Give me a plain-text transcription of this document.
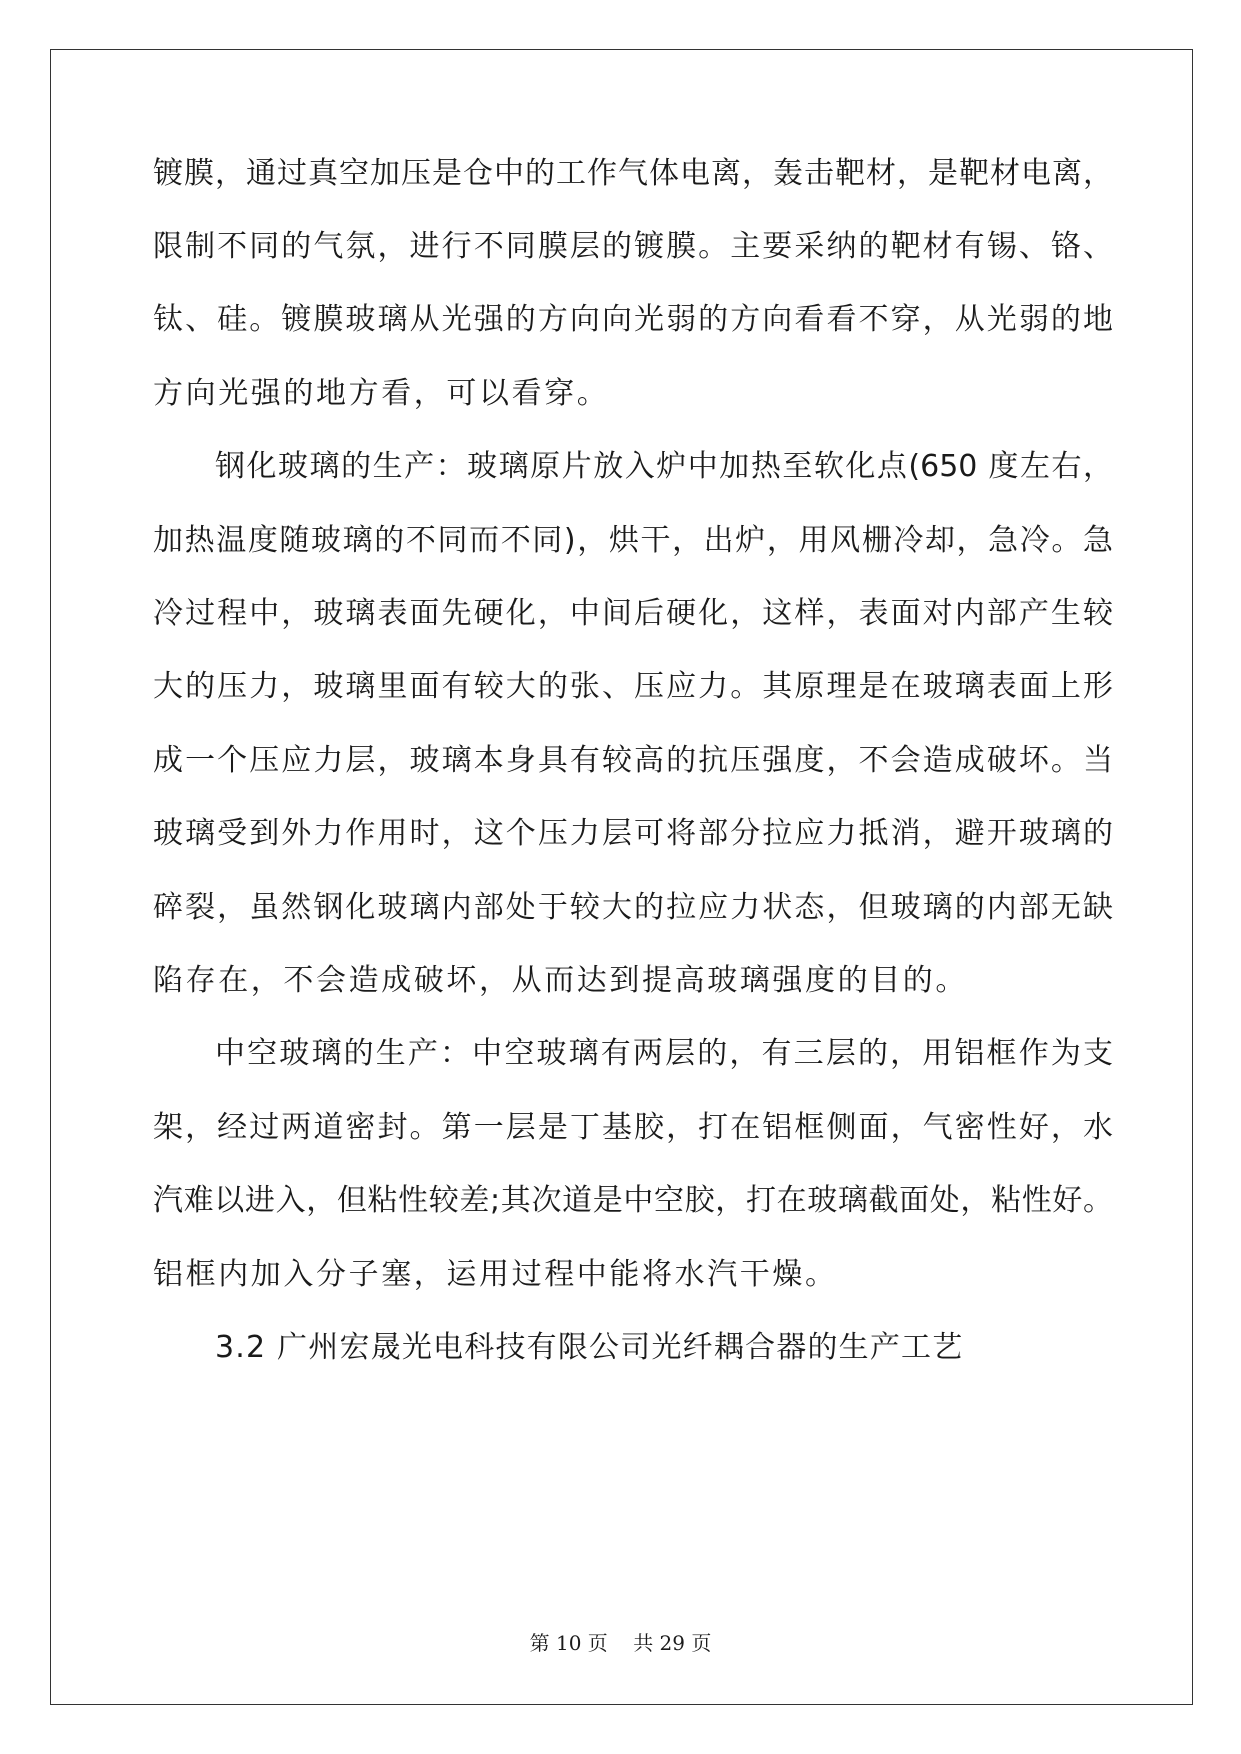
镀膜，通过真空加压是仓中的工作气体电离，轰击靶材，是靶材电离，
限制不同的气氛，进行不同膜层的镀膜。主要采纳的靶材有锡、铬、
钛、硅。镀膜玻璃从光强的方向向光弱的方向看看不穿，从光弱的地
方向光强的地方看，可以看穿。
钢化玻璃的生产：玻璃原片放入炉中加热至软化点(650 度左右，
加热温度随玻璃的不同而不同)，烘干，出炉，用风栅冷却，急冷。急
冷过程中，玻璃表面先硬化，中间后硬化，这样，表面对内部产生较
大的压力，玻璃里面有较大的张、压应力。其原理是在玻璃表面上形
成一个压应力层，玻璃本身具有较高的抗压强度，不会造成破坏。当
玻璃受到外力作用时，这个压力层可将部分拉应力抵消，避开玻璃的
碎裂，虽然钢化玻璃内部处于较大的拉应力状态，但玻璃的内部无缺
陷存在，不会造成破坏，从而达到提高玻璃强度的目的。
中空玻璃的生产：中空玻璃有两层的，有三层的，用铝框作为支
架，经过两道密封。第一层是丁基胶，打在铝框侧面，气密性好，水
汽难以进入，但粘性较差;其次道是中空胶，打在玻璃截面处，粘性好。
铝框内加入分子塞，运用过程中能将水汽干燥。
3.2 广州宏晟光电科技有限公司光纤耦合器的生产工艺
第 10 页    共 29 页
